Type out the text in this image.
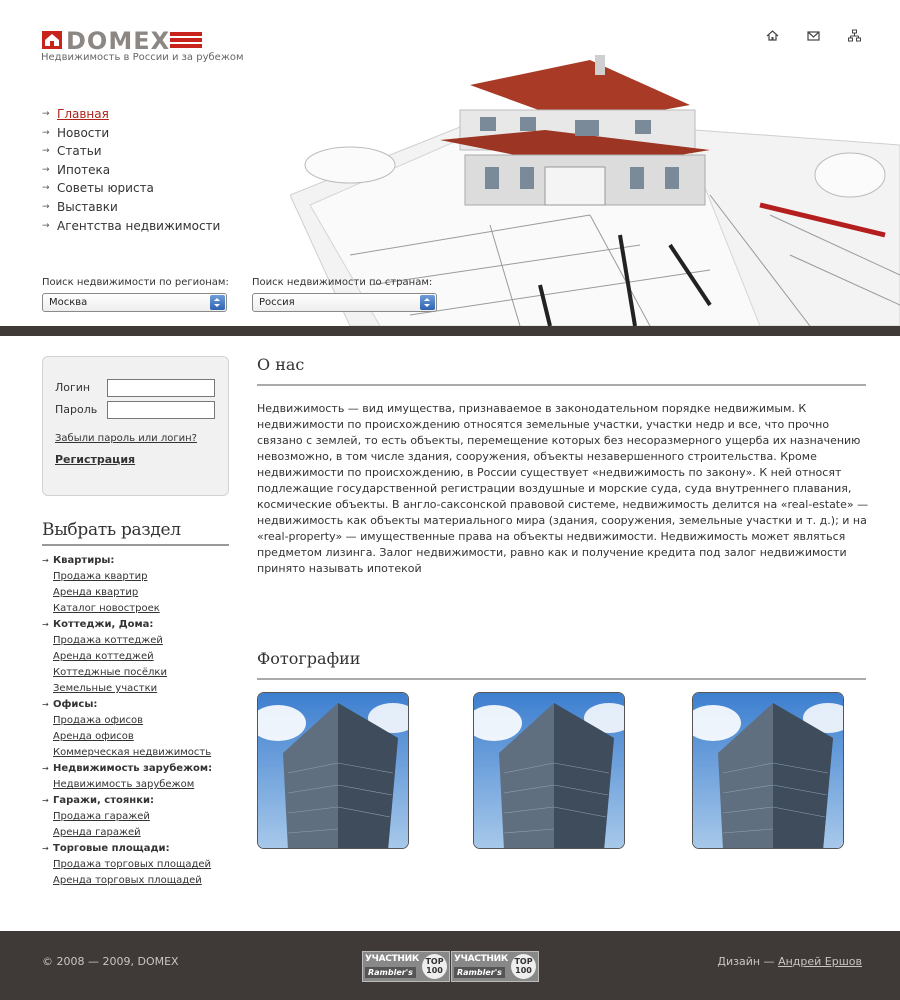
DOMEX
Недвижимость в России и за рубежом
→ Главная
→ Новости
→ Статьи
→ Ипотека
→ Советы юриста
→ Выставки
→ Агентства недвижимости
Поиск недвижимости по регионам:
Москва
Поиск недвижимости по странам:
Россия
Логин
Пароль
Забыли пароль или логин?
Регистрация
Выбрать раздел
→ Квартиры:
Продажа квартир
Аренда квартир
Каталог новостроек
→ Коттеджи, Дома:
Продажа коттеджей
Аренда коттеджей
Коттеджные посёлки
Земельные участки
→ Офисы:
Продажа офисов
Аренда офисов
Коммерческая недвижимость
→ Недвижимость зарубежом:
Недвижимость зарубежом
→ Гаражи, стоянки:
Продажа гаражей
Аренда гаражей
→ Торговые площади:
Продажа торговых площадей
Аренда торговых площадей
О нас
Недвижимость — вид имущества, признаваемое в законодательном порядке недвижимым. К недвижимости по происхождению относятся земельные участки, участки недр и все, что прочно связано с землей, то есть объекты, перемещение которых без несоразмерного ущерба их назначению невозможно, в том числе здания, сооружения, объекты незавершенного строительства. Кроме недвижимости по происхождению, в России существует «недвижимость по закону». К ней относят подлежащие государственной регистрации воздушные и морские суда, суда внутреннего плавания, космические объекты. В англо-саксонской правовой системе, недвижимость делится на «real-estate» — недвижимость как объекты материального мира (здания, сооружения, земельные участки и т. д.); и на «real-property» — имущественные права на объекты недвижимости. Недвижимость может являться предметом лизинга. Залог недвижимости, равно как и получение кредита под залог недвижимости принято называть ипотекой
Фотографии
© 2008 — 2009, DOMEX	УЧАСТНИК
Rambler's
TOP 100
УЧАСТНИК
Rambler's
TOP 100
Дизайн — Андрей Ершов
